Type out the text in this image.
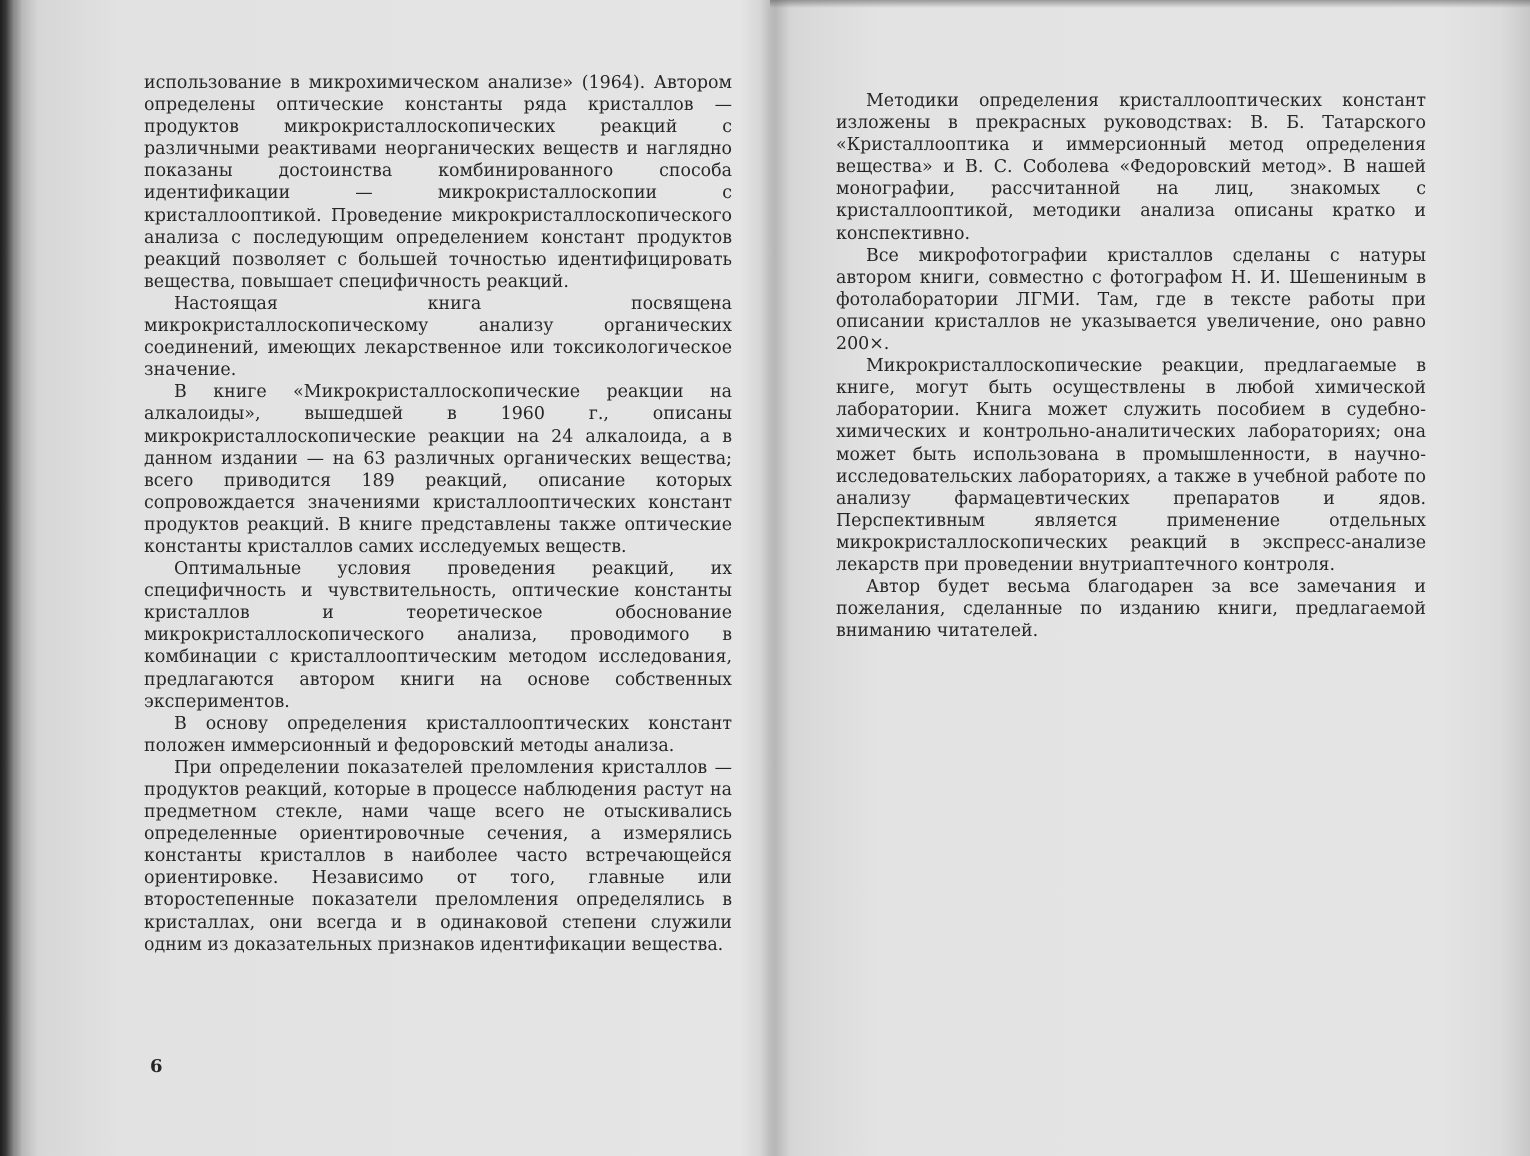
использование в микрохимическом анализе» (1964). Автором определены оптические константы ряда кристаллов — продуктов микрокристаллоскопических реакций с различными реактивами неорганических веществ и наглядно показаны достоинства комбинированного способа идентификации — микрокристаллоскопии с кристаллооптикой. Проведение микрокристаллоскопического анализа с последующим определением констант продуктов реакций позволяет с большей точностью идентифицировать вещества, повышает специфичность реакций.

Настоящая книга посвящена микрокристаллоскопическому анализу органических соединений, имеющих лекарственное или токсикологическое значение.

В книге «Микрокристаллоскопические реакции на алкалоиды», вышедшей в 1960 г., описаны микрокристаллоскопические реакции на 24 алкалоида, а в данном издании — на 63 различных органических вещества; всего приводится 189 реакций, описание которых сопровождается значениями кристаллооптических констант продуктов реакций. В книге представлены также оптические константы кристаллов самих исследуемых веществ.

Оптимальные условия проведения реакций, их специфичность и чувствительность, оптические константы кристаллов и теоретическое обоснование микрокристаллоскопического анализа, проводимого в комбинации с кристаллооптическим методом исследования, предлагаются автором книги на основе собственных экспериментов.

В основу определения кристаллооптических констант положен иммерсионный и федоровский методы анализа.

При определении показателей преломления кристаллов — продуктов реакций, которые в процессе наблюдения растут на предметном стекле, нами чаще всего не отыскивались определенные ориентировочные сечения, а измерялись константы кристаллов в наиболее часто встречающейся ориентировке. Независимо от того, главные или второстепенные показатели преломления определялись в кристаллах, они всегда и в одинаковой степени служили одним из доказательных признаков идентификации вещества.

6

Методики определения кристаллооптических констант изложены в прекрасных руководствах: В. Б. Татарского «Кристаллооптика и иммерсионный метод определения вещества» и В. С. Соболева «Федоровский метод». В нашей монографии, рассчитанной на лиц, знакомых с кристаллооптикой, методики анализа описаны кратко и конспективно.

Все микрофотографии кристаллов сделаны с натуры автором книги, совместно с фотографом Н. И. Шешениным в фотолаборатории ЛГМИ. Там, где в тексте работы при описании кристаллов не указывается увеличение, оно равно 200×.

Микрокристаллоскопические реакции, предлагаемые в книге, могут быть осуществлены в любой химической лаборатории. Книга может служить пособием в судебно-химических и контрольно-аналитических лабораториях; она может быть использована в промышленности, в научно-исследовательских лабораториях, а также в учебной работе по анализу фармацевтических препаратов и ядов. Перспективным является применение отдельных микрокристаллоскопических реакций в экспресс-анализе лекарств при проведении внутриаптечного контроля.

Автор будет весьма благодарен за все замечания и пожелания, сделанные по изданию книги, предлагаемой вниманию читателей.
